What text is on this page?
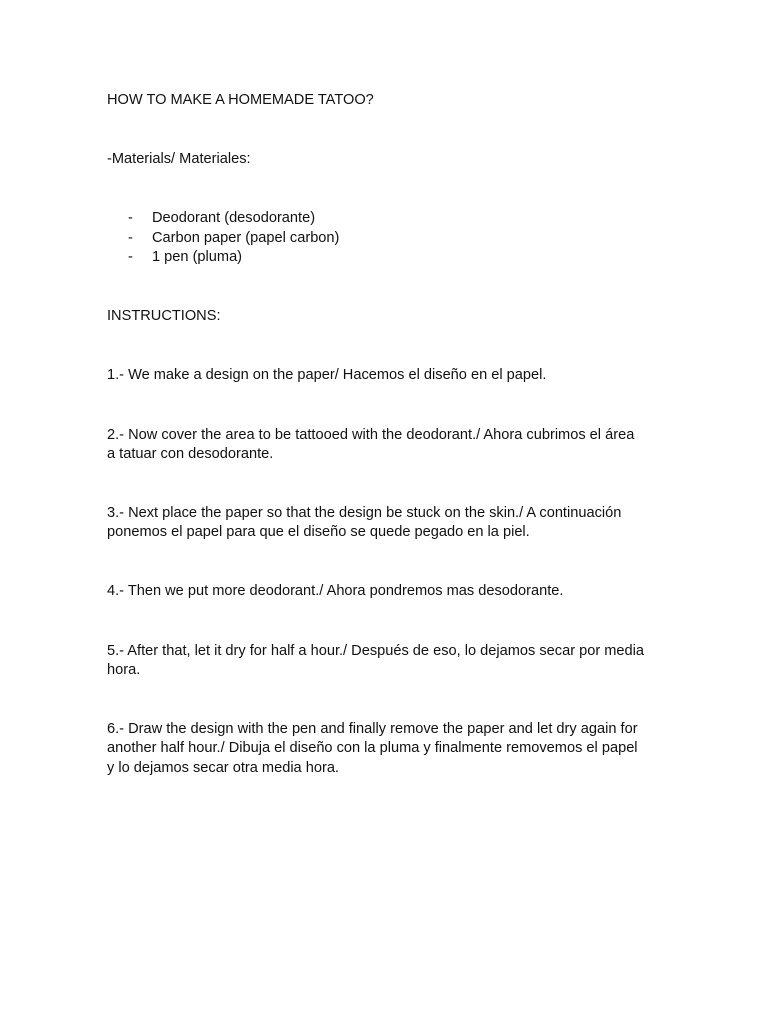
HOW TO MAKE A HOMEMADE TATOO?

-Materials/ Materiales:

- Deodorant (desodorante)
- Carbon paper (papel carbon)
- 1 pen (pluma)

INSTRUCTIONS:

1.- We make a design on the paper/ Hacemos el diseño en el papel.

2.- Now cover the area to be tattooed with the deodorant./ Ahora cubrimos el área

a tatuar con desodorante.

3.- Next place the paper so that the design be stuck on the skin./ A continuación

ponemos el papel para que el diseño se quede pegado en la piel.

4.- Then we put more deodorant./ Ahora pondremos mas desodorante.

5.- After that, let it dry for half a hour./ Después de eso, lo dejamos secar por media

hora.

6.- Draw the design with the pen and finally remove the paper and let dry again for

another half hour./ Dibuja el diseño con la pluma y finalmente removemos el papel

y lo dejamos secar otra media hora.
